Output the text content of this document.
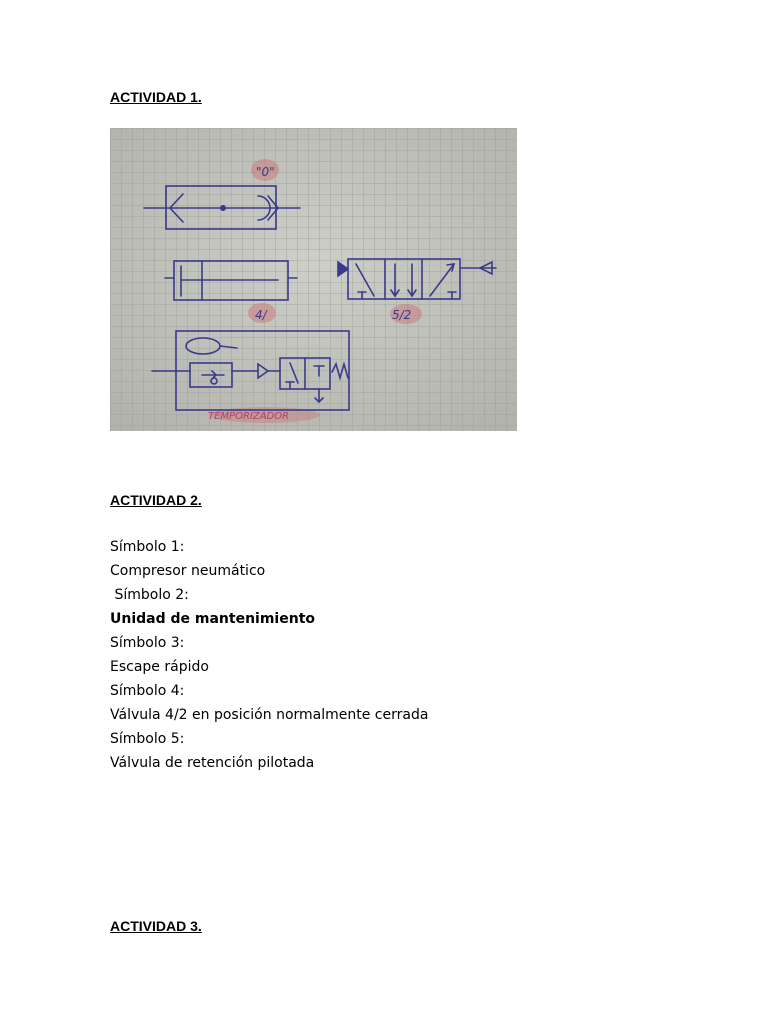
ACTIVIDAD 1.
"0"
4/	5/2
TEMPORIZADOR
ACTIVIDAD 2.
Símbolo 1:
Compresor neumático
Símbolo 2:
Unidad de mantenimiento
Símbolo 3:
Escape rápido
Símbolo 4:
Válvula 4/2 en posición normalmente cerrada
Símbolo 5:
Válvula de retención pilotada
ACTIVIDAD 3.
